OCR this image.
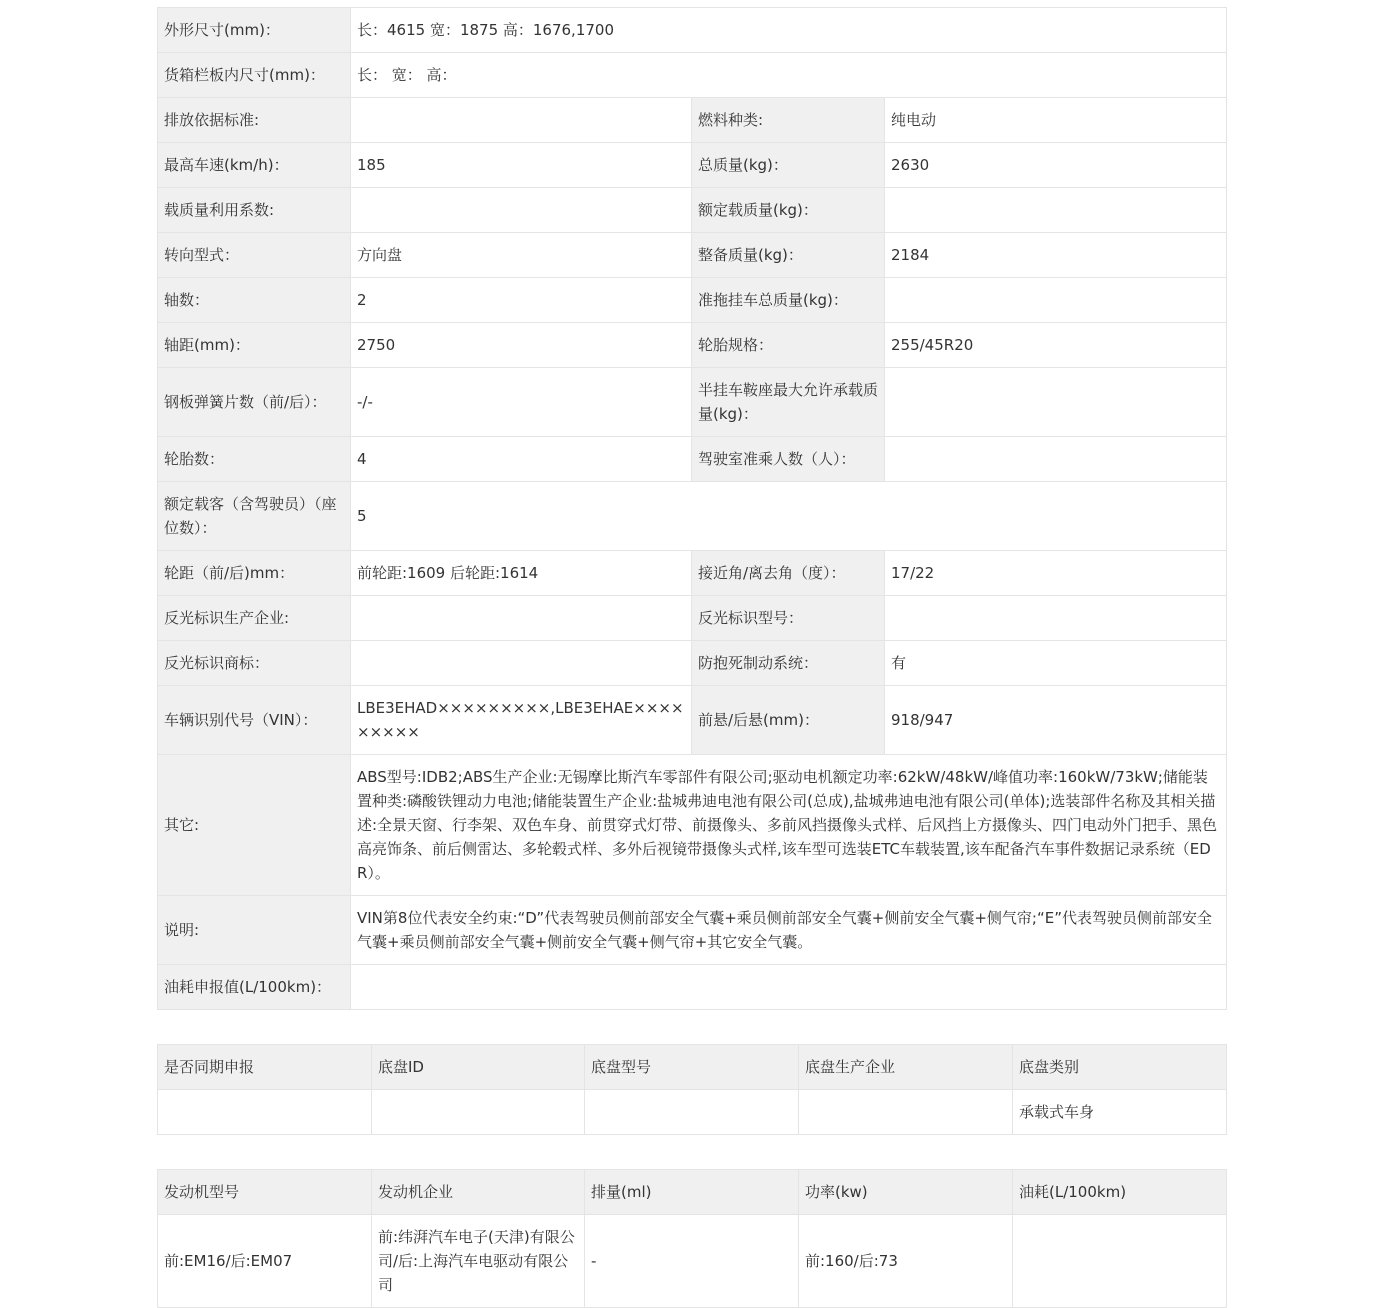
外形尺寸(mm)：	长：4615 宽：1875 高：1676,1700		
货箱栏板内尺寸(mm)：	长： 宽： 高：		
排放依据标准:		燃料种类:	纯电动
最高车速(km/h)：	185	总质量(kg)：	2630
载质量利用系数:		额定载质量(kg)：	
转向型式：	方向盘	整备质量(kg)：	2184
轴数：	2	准拖挂车总质量(kg)：	
轴距(mm)：	2750	轮胎规格：	255/45R20
钢板弹簧片数（前/后）：	-/-	半挂车鞍座最大允许承载质量(kg)：	
轮胎数：	4	驾驶室准乘人数（人）：	
额定载客（含驾驶员）（座位数）：	5		
轮距（前/后)mm：	前轮距:1609 后轮距:1614	接近角/离去角（度）：	17/22
反光标识生产企业:		反光标识型号：	
反光标识商标：		防抱死制动系统：	有
车辆识别代号（VIN）：	LBE3EHAD×××××××××,LBE3EHAE×××××××××	前悬/后悬(mm)：	918/947
其它:	ABS型号:IDB2;ABS生产企业:无锡摩比斯汽车零部件有限公司;驱动电机额定功率:62kW/48kW/峰值功率:160kW/73kW;储能装置种类:磷酸铁锂动力电池;储能装置生产企业:盐城弗迪电池有限公司(总成),盐城弗迪电池有限公司(单体);选装部件名称及其相关描述:全景天窗、行李架、双色车身、前贯穿式灯带、前摄像头、多前风挡摄像头式样、后风挡上方摄像头、四门电动外门把手、黑色高亮饰条、前后侧雷达、多轮毂式样、多外后视镜带摄像头式样,该车型可选装ETC车载装置,该车配备汽车事件数据记录系统（EDR）。		
说明:	VIN第8位代表安全约束:“D”代表驾驶员侧前部安全气囊+乘员侧前部安全气囊+侧前安全气囊+侧气帘;“E”代表驾驶员侧前部安全气囊+乘员侧前部安全气囊+侧前安全气囊+侧气帘+其它安全气囊。		
油耗申报值(L/100km)：			
是否同期申报	底盘ID	底盘型号	底盘生产企业	底盘类别
				承载式车身
发动机型号	发动机企业	排量(ml)	功率(kw)	油耗(L/100km)
前:EM16/后:EM07	前:纬湃汽车电子(天津)有限公司/后:上海汽车电驱动有限公司	-	前:160/后:73	
